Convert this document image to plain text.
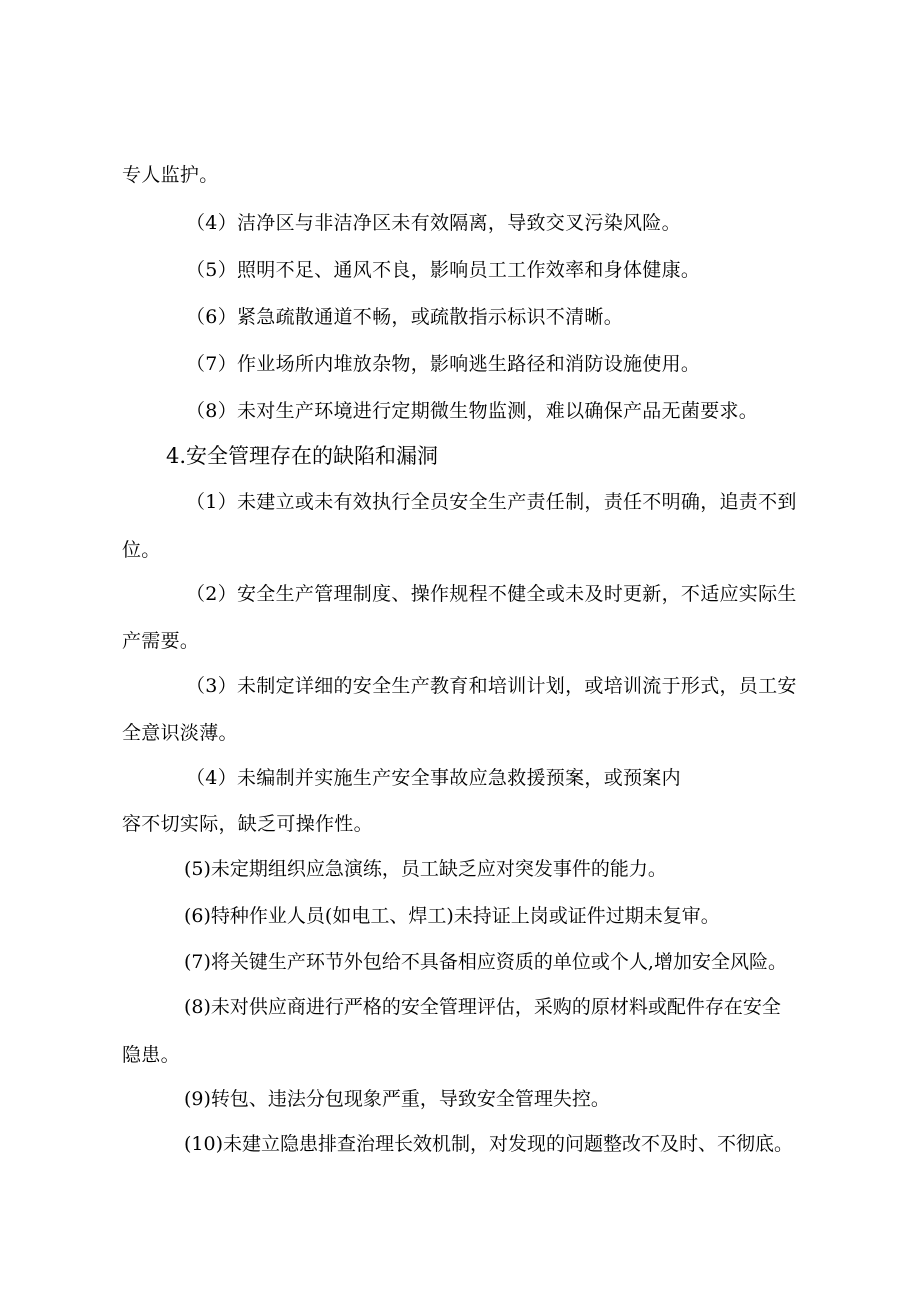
专人监护。
（4）洁净区与非洁净区未有效隔离，导致交叉污染风险。
（5）照明不足、通风不良，影响员工工作效率和身体健康。
（6）紧急疏散通道不畅，或疏散指示标识不清晰。
（7）作业场所内堆放杂物，影响逃生路径和消防设施使用。
（8）未对生产环境进行定期微生物监测，难以确保产品无菌要求。
4.安全管理存在的缺陷和漏洞
（1）未建立或未有效执行全员安全生产责任制，责任不明确，追责不到
位。
（2）安全生产管理制度、操作规程不健全或未及时更新，不适应实际生
产需要。
（3）未制定详细的安全生产教育和培训计划，或培训流于形式，员工安
全意识淡薄。
（4）未编制并实施生产安全事故应急救援预案，或预案内
容不切实际，缺乏可操作性。
(5)未定期组织应急演练，员工缺乏应对突发事件的能力。
(6)特种作业人员(如电工、焊工)未持证上岗或证件过期未复审。
(7)将关键生产环节外包给不具备相应资质的单位或个人,增加安全风险。
(8)未对供应商进行严格的安全管理评估，采购的原材料或配件存在安全
隐患。
(9)转包、违法分包现象严重，导致安全管理失控。
(10)未建立隐患排查治理长效机制，对发现的问题整改不及时、不彻底。
